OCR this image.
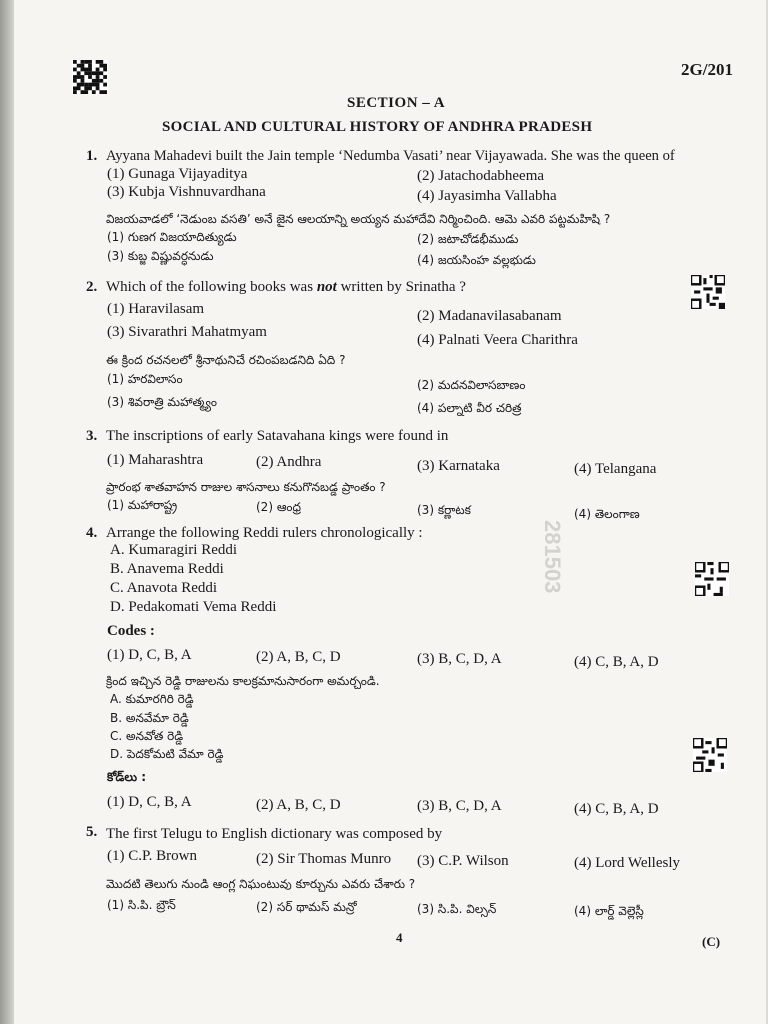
2G/201
SECTION – A
SOCIAL AND CULTURAL HISTORY OF ANDHRA PRADESH
281503
1. Ayyana Mahadevi built the Jain temple ‘Nedumba Vasati’ near Vijayawada. She was the queen of
(1) Gunaga Vijayaditya	(2) Jatachodabheema
(3) Kubja Vishnuvardhana	(4) Jayasimha Vallabha
విజయవాడలో ‘నెడుంబ వసతి’ అనే జైన ఆలయాన్ని అయ్యన మహాదేవి నిర్మించింది. ఆమె ఎవరి పట్టమహిషి ?
(1) గుణగ విజయాదిత్యుడు	(2) జటాచోడభీముడు
(3) కుబ్జ విష్ణువర్ధనుడు	(4) జయసింహ వల్లభుడు
2. Which of the following books was not written by Srinatha ?
(1) Haravilasam	(2) Madanavilasabanam
(3) Sivarathri Mahatmyam	(4) Palnati Veera Charithra
ఈ క్రింద రచనలలో శ్రీనాథునిచే రచింపబడనిది ఏది ?
(1) హరవిలాసం	(2) మదనవిలాసబాణం
(3) శివరాత్రి మహాత్మ్యం	(4) పల్నాటి వీర చరిత్ర
3. The inscriptions of early Satavahana kings were found in
(1) Maharashtra	(2) Andhra	(3) Karnataka	(4) Telangana
ప్రారంభ శాతవాహన రాజుల శాసనాలు కనుగొనబడ్డ ప్రాంతం ?
(1) మహారాష్ట్ర	(2) ఆంధ్ర	(3) కర్ణాటక	(4) తెలంగాణ
4. Arrange the following Reddi rulers chronologically :
A. Kumaragiri Reddi
B. Anavema Reddi
C. Anavota Reddi
D. Pedakomati Vema Reddi
Codes :
(1) D, C, B, A	(2) A, B, C, D	(3) B, C, D, A	(4) C, B, A, D
క్రింద ఇచ్చిన రెడ్డి రాజులను కాలక్రమానుసారంగా అమర్చండి.
A. కుమారగిరి రెడ్డి
B. అనవేమా రెడ్డి
C. అనవోత రెడ్డి
D. పెదకోమటి వేమా రెడ్డి
కోడ్‌లు :
(1) D, C, B, A	(2) A, B, C, D	(3) B, C, D, A	(4) C, B, A, D
5. The first Telugu to English dictionary was composed by
(1) C.P. Brown	(2) Sir Thomas Munro (3) C.P. Wilson	(4) Lord Wellesly
మొదటి తెలుగు నుండి ఆంగ్ల నిఘంటువు కూర్చును ఎవరు చేశారు ?
(1) సి.పి. బ్రౌన్	(2) సర్ థామస్ మన్రో	(3) సి.పి. విల్సన్	(4) లార్డ్ వెల్లెస్లీ
4	(C)
